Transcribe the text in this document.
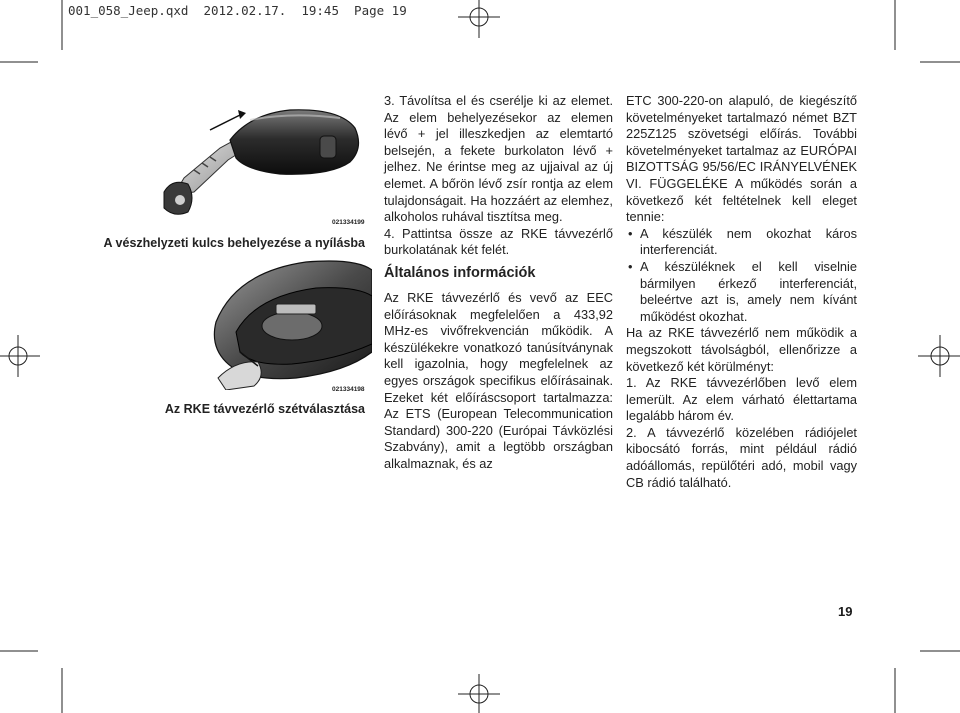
001_058_Jeep.qxd 2012.02.17. 19:45 Page 19
021334199
A vészhelyzeti kulcs behelyezése a nyílásba
021334198
Az RKE távvezérlő szétválasztása

3. Távolítsa el és cserélje ki az elemet. Az elem behelyezésekor az elemen lévő + jel illeszkedjen az elemtartó belsején, a fekete burkolaton lévő + jelhez. Ne érintse meg az ujjaival az új elemet. A bőrön lévő zsír rontja az elem tulajdonságait. Ha hozzáért az elemhez, alkoholos ruhával tisztítsa meg.

4. Pattintsa össze az RKE távvezérlő burkolatának két felét.

Általános információk

Az RKE távvezérlő és vevő az EEC előírásoknak megfelelően a 433,92 MHz-es vivőfrekvencián működik. A készülékekre vonatkozó tanúsítványnak kell igazolnia, hogy megfelelnek az egyes országok specifikus előírásainak. Ezeket két előíráscsoport tartalmazza: Az ETS (European Telecommunication Standard) 300-220 (Európai Távközlési Szabvány), amit a legtöbb országban alkalmaznak, és az

ETC 300-220-on alapuló, de kiegészítő követelményeket tartalmazó német BZT 225Z125 szövetségi előírás. További követelményeket tartalmaz az EURÓPAI BIZOTTSÁG 95/56/EC IRÁNYELVÉNEK VI. FÜGGELÉKE A működés során a következő két feltételnek kell eleget tennie:

• A készülék nem okozhat káros interferenciát.
• A készüléknek el kell viselnie bármilyen érkező interferenciát, beleértve azt is, amely nem kívánt működést okozhat.

Ha az RKE távvezérlő nem működik a megszokott távolságból, ellenőrizze a következő két körülményt:

1. Az RKE távvezérlőben levő elem lemerült. Az elem várható élettartama legalább három év.

2. A távvezérlő közelében rádiójelet kibocsátó forrás, mint például rádió adóállomás, repülőtéri adó, mobil vagy CB rádió található.

19
